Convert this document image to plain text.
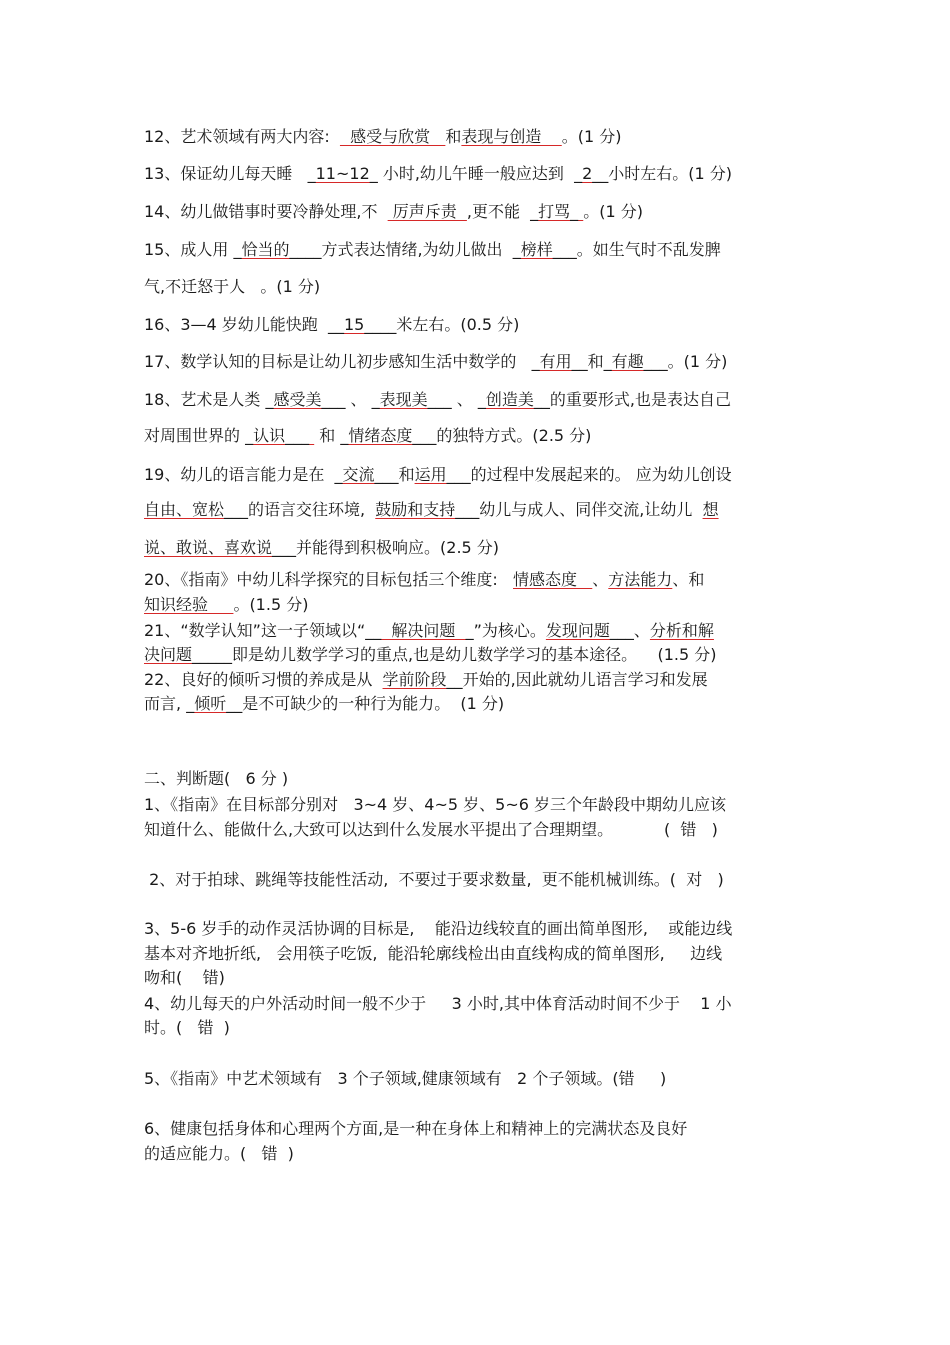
12、艺术领域有两大内容:    感受与欣赏   和表现与创造    。(1 分)
13、保证幼儿每天睡   _11~12_ 小时,幼儿午睡一般应达到  _2__小时左右。(1 分)
14、幼儿做错事时要冷静处理,不   厉声斥责  ,更不能  _打骂_ 。(1 分)
15、成人用 _恰当的____方式表达情绪,为幼儿做出  _榜样___。如生气时不乱发脾
气,不迁怒于人   。(1 分)
16、3—4 岁幼儿能快跑  __15____米左右。(0.5 分)
17、数学认知的目标是让幼儿初步感知生活中数学的   _有用__和_有趣___。(1 分)
18、艺术是人类 _感受美___ 、 _表现美___ 、 _创造美__的重要形式,也是表达自己
对周围世界的 _认识___  和 _情绪态度___的独特方式。(2.5 分)
19、幼儿的语言能力是在  _交流___和运用___的过程中发展起来的。 应为幼儿创设
自由、宽松___的语言交往环境,  鼓励和支持___幼儿与成人、同伴交流,让幼儿  想
说、敢说、喜欢说___并能得到积极响应。(2.5 分)
20、《指南》中幼儿科学探究的目标包括三个维度:   情感态度   、方法能力、和
知识经验     。(1.5 分)
21、“数学认知”这一子领域以“__  解决问题  _”为核心。发现问题___、分析和解
决问题_____即是幼儿数学学习的重点,也是幼儿数学学习的基本途径。    (1.5 分)
22、良好的倾听习惯的养成是从  学前阶段__开始的,因此就幼儿语言学习和发展
而言, _倾听__是不可缺少的一种行为能力。  (1 分)
二、判断题(   6 分 )
1、《指南》在目标部分别对   3~4 岁、4~5 岁、5~6 岁三个年龄段中期幼儿应该
知道什么、能做什么,大致可以达到什么发展水平提出了合理期望。          (  错   )
2、对于拍球、跳绳等技能性活动,  不要过于要求数量,  更不能机械训练。(  对   )
3、5-6 岁手的动作灵活协调的目标是,    能沿边线较直的画出简单图形,    或能边线
基本对齐地折纸,   会用筷子吃饭,  能沿轮廓线检出由直线构成的简单图形,     边线
吻和(    错)
4、幼儿每天的户外活动时间一般不少于     3 小时,其中体育活动时间不少于    1 小
时。(   错  )
5、《指南》中艺术领域有   3 个子领域,健康领域有   2 个子领域。(错     )
6、健康包括身体和心理两个方面,是一种在身体上和精神上的完满状态及良好
的适应能力。(   错  )
